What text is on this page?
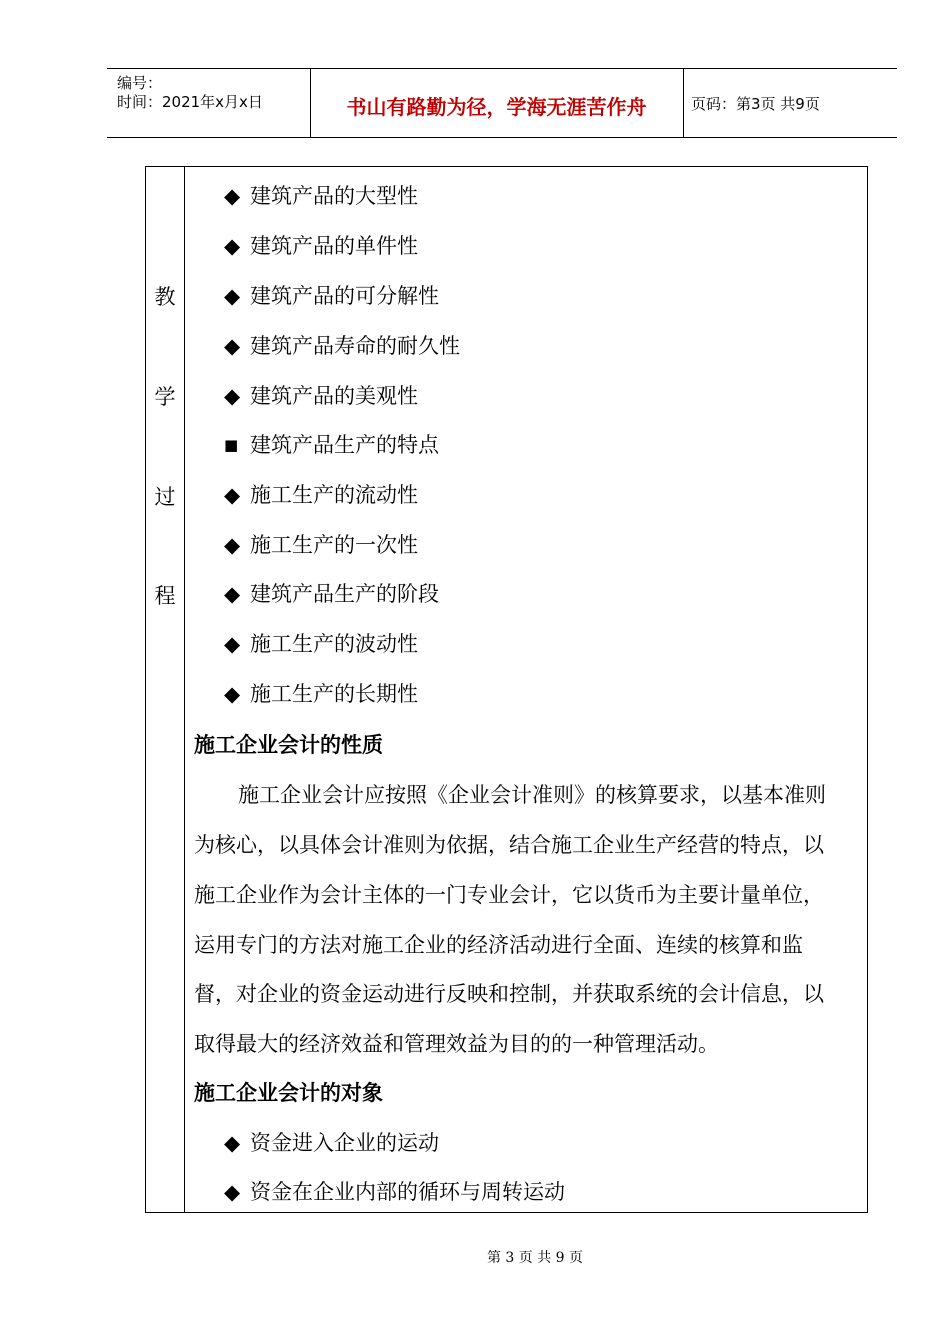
编号：
时间：2021年x月x日	书山有路勤为径，学海无涯苦作舟	页码：第3页 共9页
教
学
过
程
◆ 建筑产品的大型性
◆ 建筑产品的单件性
◆ 建筑产品的可分解性
◆ 建筑产品寿命的耐久性
◆ 建筑产品的美观性
■ 建筑产品生产的特点
◆ 施工生产的流动性
◆ 施工生产的一次性
◆ 建筑产品生产的阶段
◆ 施工生产的波动性
◆ 施工生产的长期性
施工企业会计的性质
施工企业会计应按照《企业会计准则》的核算要求，以基本准则
为核心，以具体会计准则为依据，结合施工企业生产经营的特点，以
施工企业作为会计主体的一门专业会计，它以货币为主要计量单位，
运用专门的方法对施工企业的经济活动进行全面、连续的核算和监
督，对企业的资金运动进行反映和控制，并获取系统的会计信息，以
取得最大的经济效益和管理效益为目的的一种管理活动。
施工企业会计的对象
◆ 资金进入企业的运动
◆ 资金在企业内部的循环与周转运动
第 3 页 共 9 页
